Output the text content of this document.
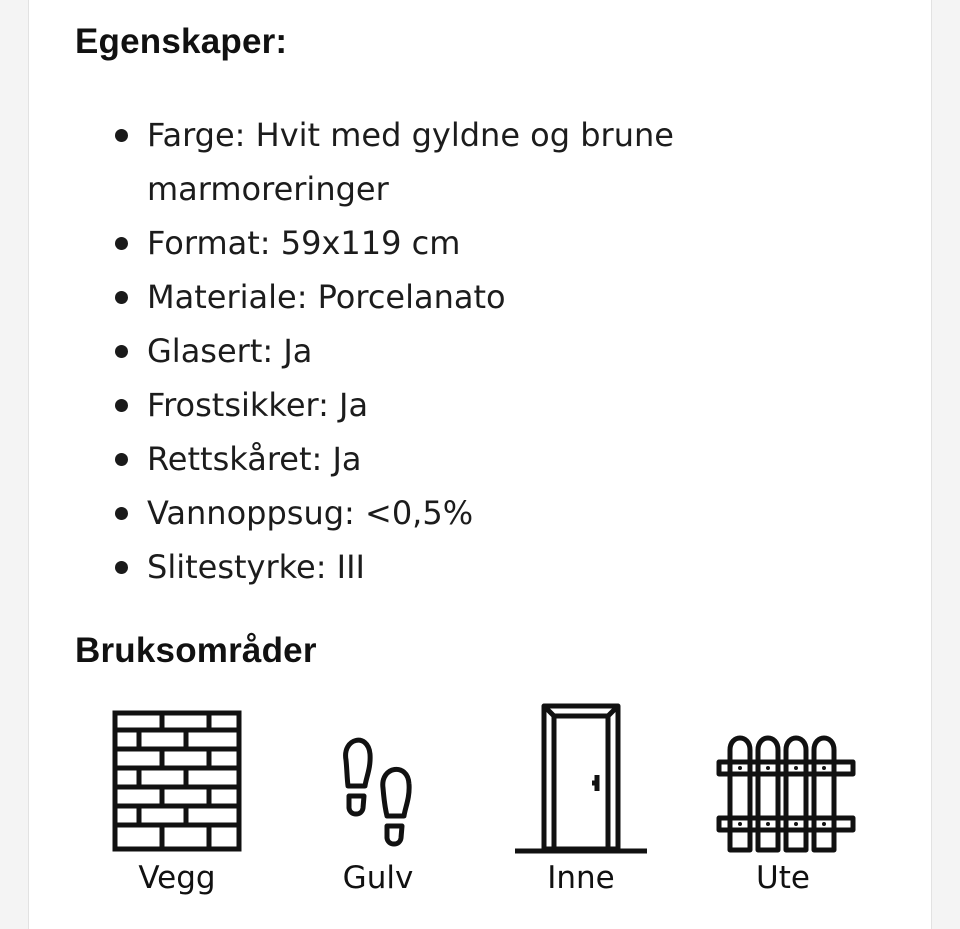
Egenskaper:
Farge: Hvit med gyldne og brune marmoreringer
Format: 59x119 cm
Materiale: Porcelanato
Glasert: Ja
Frostsikker: Ja
Rettskåret: Ja
Vannoppsug: <0,5%
Slitestyrke: III
Bruksområder
Vegg	Gulv	Inne	Ute
